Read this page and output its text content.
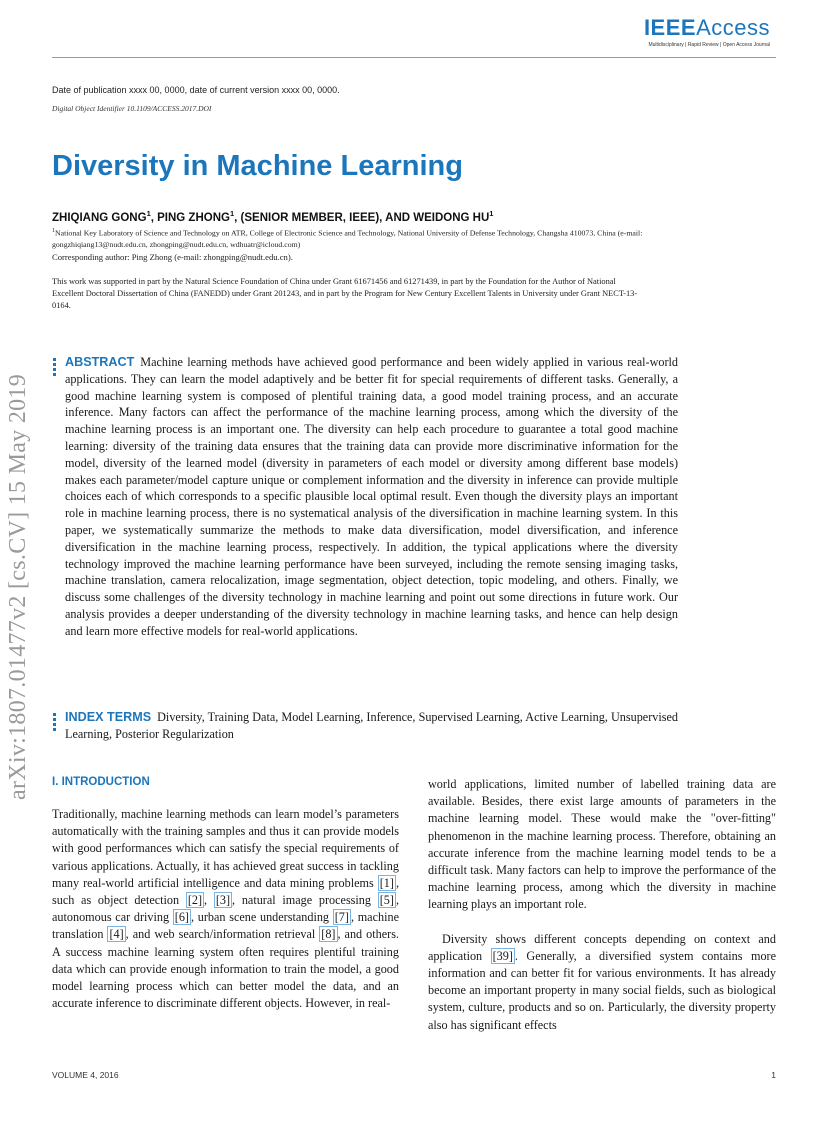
IEEEAccess
Multidisciplinary | Rapid Review | Open Access Journal
Date of publication xxxx 00, 0000, date of current version xxxx 00, 0000.
Digital Object Identifier 10.1109/ACCESS.2017.DOI
Diversity in Machine Learning
ZHIQIANG GONG$^1$, PING ZHONG$^1$, (SENIOR MEMBER, IEEE), AND WEIDONG $HU^1$
$^1$National Key Laboratory of Science and Technology on ATR, College of Electronic Science and Technology, National University of Defense Technology, Changsha 410073, China (e-mail: gongzhiqiang13@nudt.edu.cn, zhongping@nudt.edu.cn, wdhuatr@icloud.com)
Corresponding author: Ping Zhong (e-mail: zhongping@nudt.edu.cn).
This work was supported in part by the Natural Science Foundation of China under Grant 61671456 and 61271439, in part by the Foundation for the Author of National Excellent Doctoral Dissertation of China (FANEDD) under Grant 201243, and in part by the Program for New Century Excellent Talents in University under Grant NECT-13-0164.
arXiv:1807.01477v2 [cs.CV] 15 May 2019
ABSTRACT Machine learning methods have achieved good performance and been widely applied in various real-world applications. They can learn the model adaptively and be better fit for special requirements of different tasks. Generally, a good machine learning system is composed of plentiful training data, a good model training process, and an accurate inference. Many factors can affect the performance of the machine learning process, among which the diversity of the machine learning process is an important one. The diversity can help each procedure to guarantee a total good machine learning: diversity of the training data ensures that the training data can provide more discriminative information for the model, diversity of the learned model (diversity in parameters of each model or diversity among different base models) makes each parameter/model capture unique or complement information and the diversity in inference can provide multiple choices each of which corresponds to a specific plausible local optimal result. Even though the diversity plays an important role in machine learning process, there is no systematical analysis of the diversification in machine learning system. In this paper, we systematically summarize the methods to make data diversification, model diversification, and inference diversification in the machine learning process, respectively. In addition, the typical applications where the diversity technology improved the machine learning performance have been surveyed, including the remote sensing imaging tasks, machine translation, camera relocalization, image segmentation, object detection, topic modeling, and others. Finally, we discuss some challenges of the diversity technology in machine learning and point out some directions in future work. Our analysis provides a deeper understanding of the diversity technology in machine learning tasks, and hence can help design and learn more effective models for real-world applications.
INDEX TERMS Diversity, Training Data, Model Learning, Inference, Supervised Learning, Active Learning, Unsupervised Learning, Posterior Regularization
I. INTRODUCTION

Traditionally, machine learning methods can learn model’s parameters automatically with the training samples and thus it can provide models with good performances which can satisfy the special requirements of various applications. Actually, it has achieved great success in tackling many real-world artificial intelligence and data mining problems [1] , such as object detection [2] , [3] , natural image processing [5] , autonomous car driving [6] , urban scene understanding [7] , machine translation [4] , and web search/information retrieval [8] , and others. A success machine learning system often requires plentiful training data which can provide enough information to train the model, a good model learning process which can better model the data, and an accurate inference to discriminate different objects. However, in real-

world applications, limited number of labelled training data are available. Besides, there exist large amounts of parameters in the machine learning model. These would make the "over-fitting" phenomenon in the machine learning process. Therefore, obtaining an accurate inference from the machine learning model tends to be a difficult task. Many factors can help to improve the performance of the machine learning process, among which the diversity in machine learning plays an important role.

Diversity shows different concepts depending on context and application [39] . Generally, a diversified system contains more information and can better fit for various environments. It has already become an important property in many social fields, such as biological system, culture, products and so on. Particularly, the diversity property also has significant effects

VOLUME 4, 2016	1
